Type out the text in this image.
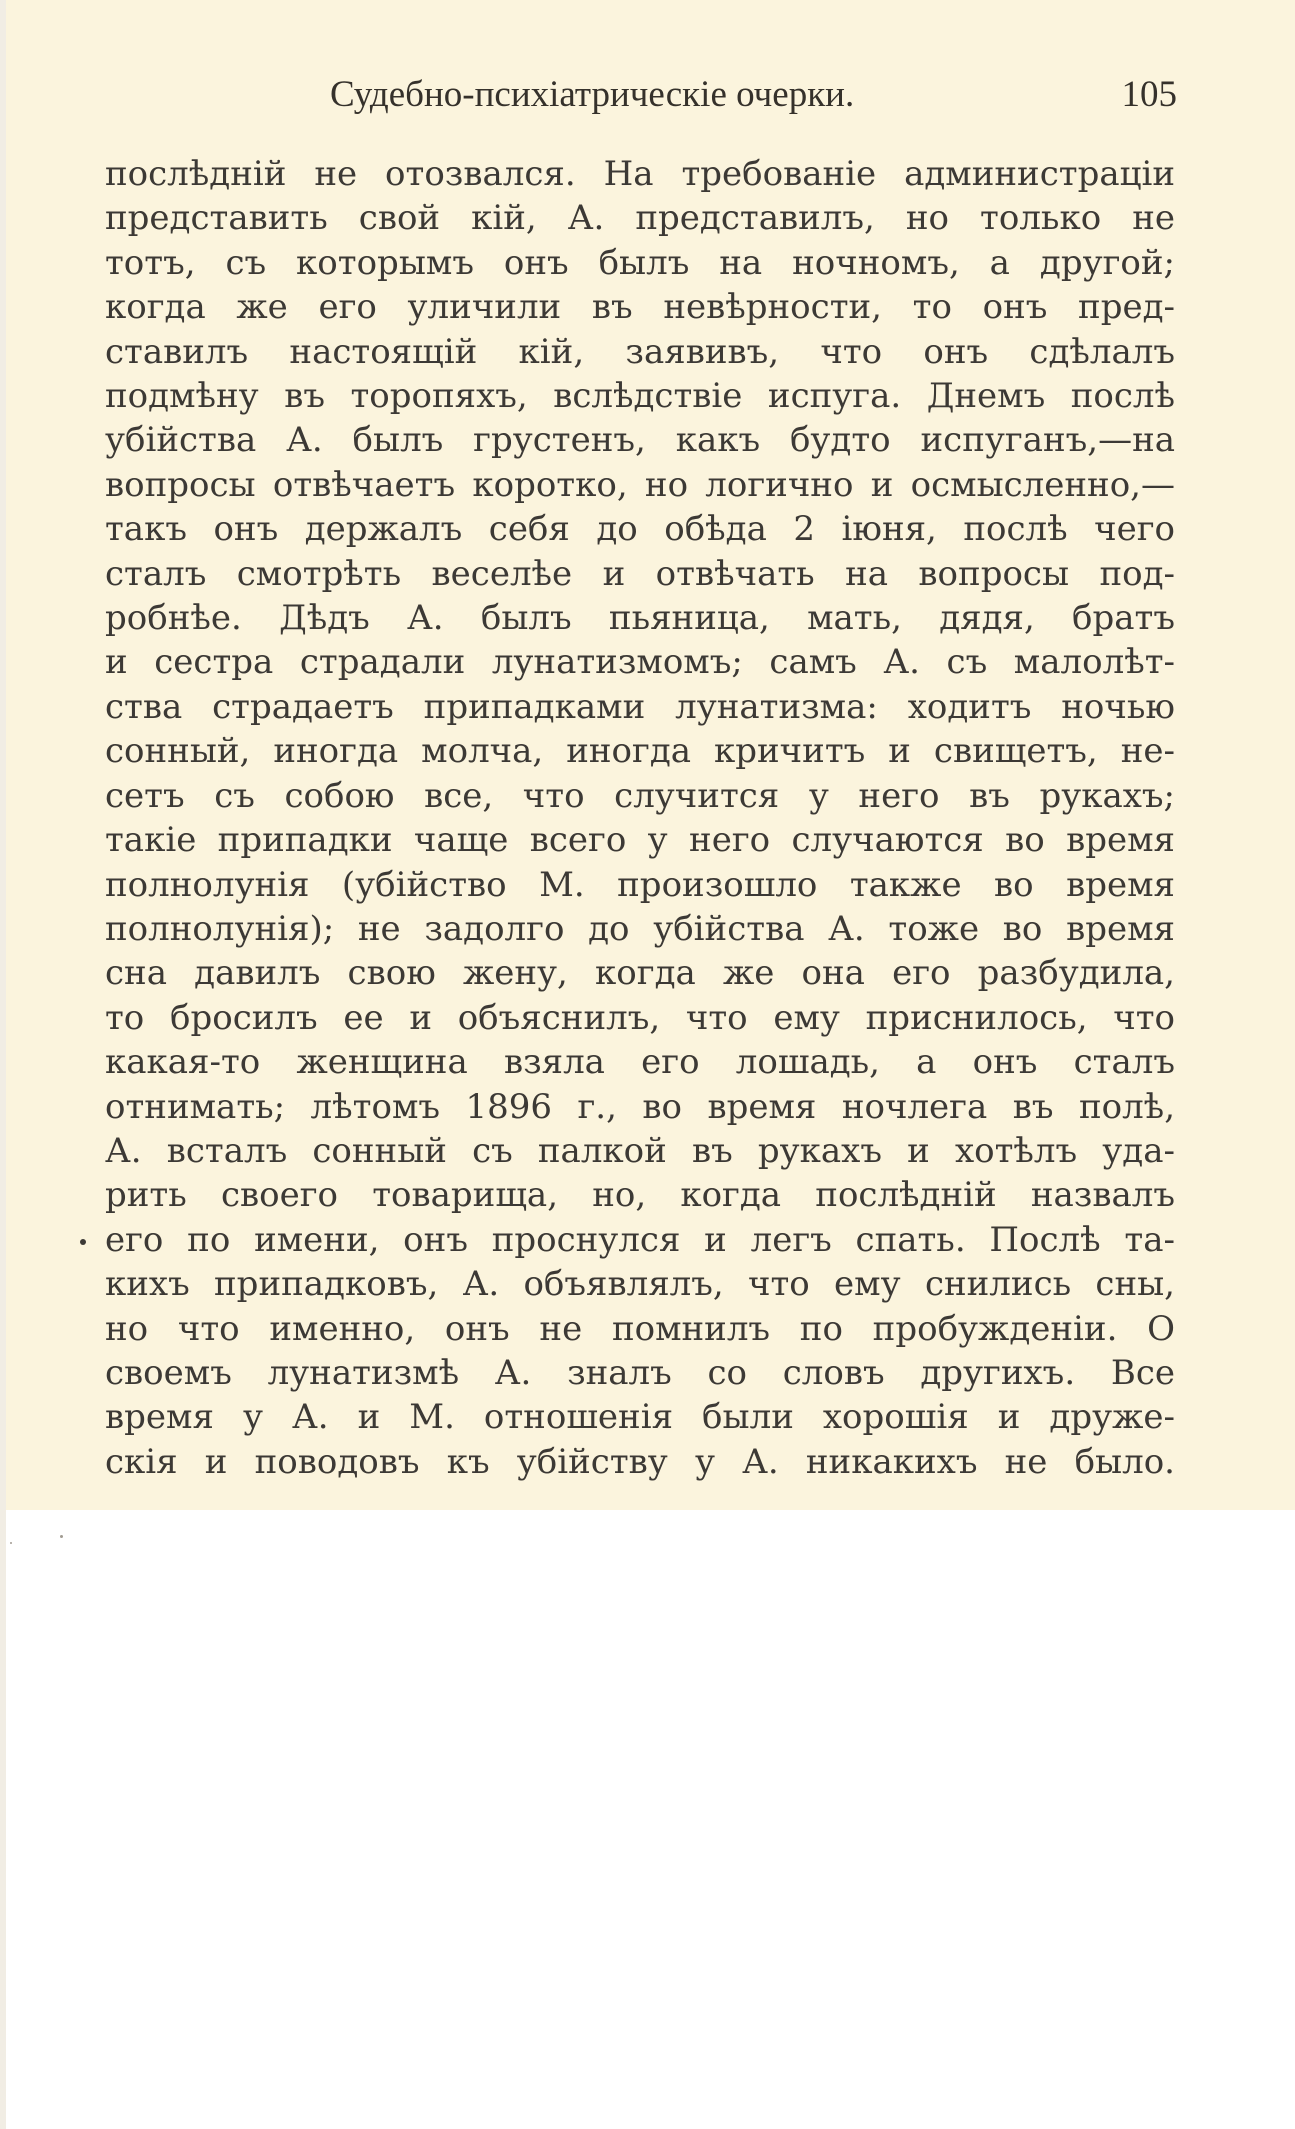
Судебно-психіатрическіе очерки.	105
послѣдній не отозвался. На требованіе администраціи
представить свой кій, А. представилъ, но только не
тотъ, съ которымъ онъ былъ на ночномъ, а другой;
когда же его уличили въ невѣрности, то онъ пред-
ставилъ настоящій кій, заявивъ, что онъ сдѣлалъ
подмѣну въ торопяхъ, вслѣдствіе испуга. Днемъ послѣ
убійства А. былъ грустенъ, какъ будто испуганъ,—на
вопросы отвѣчаетъ коротко, но логично и осмысленно,—
такъ онъ держалъ себя до обѣда 2 іюня, послѣ чего
сталъ смотрѣть веселѣе и отвѣчать на вопросы под-
робнѣе. Дѣдъ А. былъ пьяница, мать, дядя, братъ
и сестра страдали лунатизмомъ; самъ А. съ малолѣт-
ства страдаетъ припадками лунатизма: ходитъ ночью
сонный, иногда молча, иногда кричитъ и свищетъ, не-
сетъ съ собою все, что случится у него въ рукахъ;
такіе припадки чаще всего у него случаются во время
полнолунія (убійство М. произошло также во время
полнолунія); не задолго до убійства А. тоже во время
сна давилъ свою жену, когда же она его разбудила,
то бросилъ ее и объяснилъ, что ему приснилось, что
какая-то женщина взяла его лошадь, а онъ сталъ
отнимать; лѣтомъ 1896 г., во время ночлега въ полѣ,
А. всталъ сонный съ палкой въ рукахъ и хотѣлъ уда-
рить своего товарища, но, когда послѣдній назвалъ
его по имени, онъ проснулся и легъ спать. Послѣ та-
кихъ припадковъ, А. объявлялъ, что ему снились сны,
но что именно, онъ не помнилъ по пробужденіи. О
своемъ лунатизмѣ А. зналъ со словъ другихъ. Все
время у А. и М. отношенія были хорошія и друже-
скія и поводовъ къ убійству у А. никакихъ не было.
